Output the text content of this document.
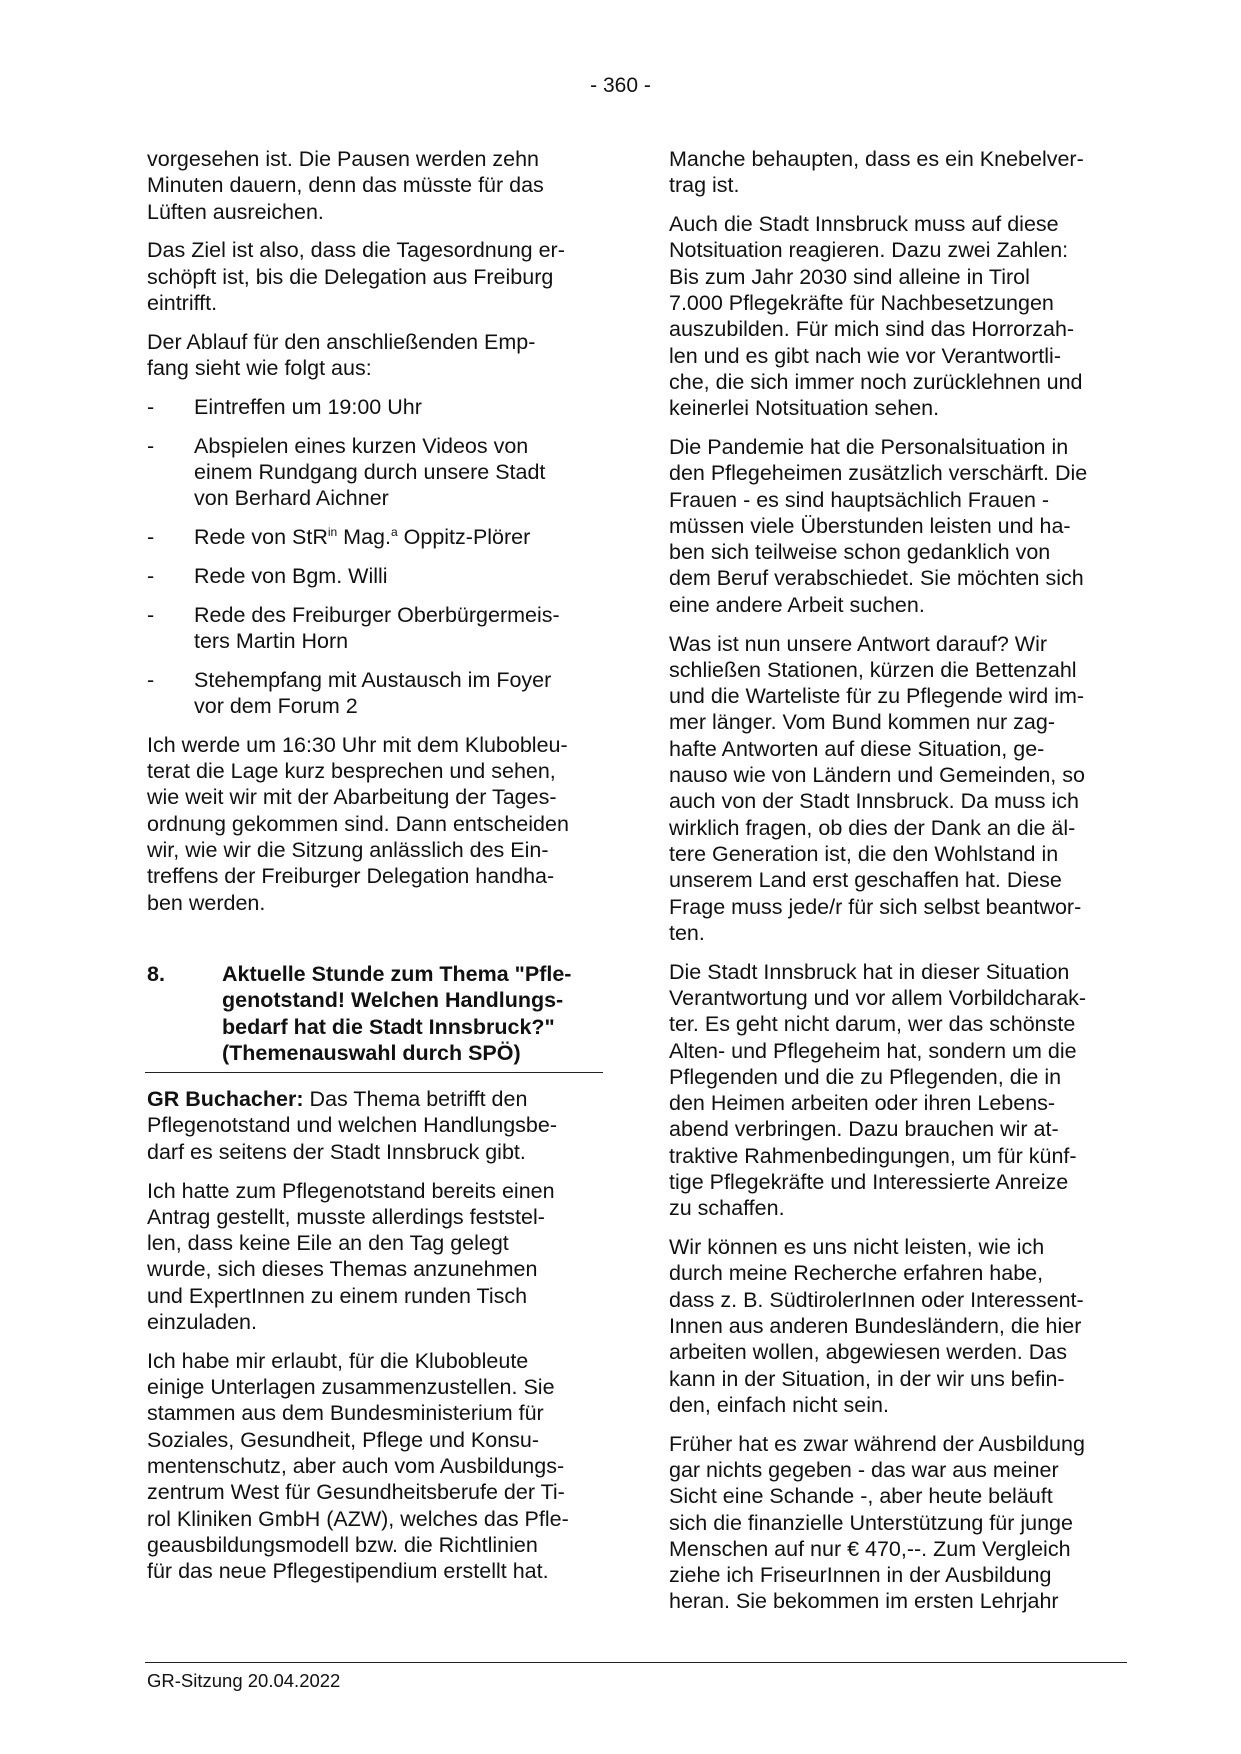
- 360 -

vorgesehen ist. Die Pausen werden zehn
Minuten dauern, denn das müsste für das
Lüften ausreichen.

Das Ziel ist also, dass die Tagesordnung er-
schöpft ist, bis die Delegation aus Freiburg
eintrifft.

Der Ablauf für den anschließenden Emp-
fang sieht wie folgt aus:

- Eintreffen um 19:00 Uhr
- Abspielen eines kurzen Videos von
einem Rundgang durch unsere Stadt
von Berhard Aichner
- Rede von StR$^{in}$ Mag.$^a$ Oppitz-Plörer
- Rede von Bgm. Willi
- Rede des Freiburger Oberbürgermeis-
ters Martin Horn
- Stehempfang mit Austausch im Foyer
vor dem Forum 2

Ich werde um 16:30 Uhr mit dem Klubobleu-
terat die Lage kurz besprechen und sehen,
wie weit wir mit der Abarbeitung der Tages-
ordnung gekommen sind. Dann entscheiden
wir, wie wir die Sitzung anlässlich des Ein-
treffens der Freiburger Delegation handha-
ben werden.

8.	Aktuelle Stunde zum Thema "Pfle-
genotstand! Welchen Handlungs-
bedarf hat die Stadt Innsbruck?"
(Themenauswahl durch SPÖ)

GR Buchacher: Das Thema betrifft den
Pflegenotstand und welchen Handlungsbe-
darf es seitens der Stadt Innsbruck gibt.

Ich hatte zum Pflegenotstand bereits einen
Antrag gestellt, musste allerdings feststel-
len, dass keine Eile an den Tag gelegt
wurde, sich dieses Themas anzunehmen
und ExpertInnen zu einem runden Tisch
einzuladen.

Ich habe mir erlaubt, für die Klubobleute
einige Unterlagen zusammenzustellen. Sie
stammen aus dem Bundesministerium für
Soziales, Gesundheit, Pflege und Konsu-
mentenschutz, aber auch vom Ausbildungs-
zentrum West für Gesundheitsberufe der Ti-
rol Kliniken GmbH (AZW), welches das Pfle-
geausbildungsmodell bzw. die Richtlinien
für das neue Pflegestipendium erstellt hat.

Manche behaupten, dass es ein Knebelver-
trag ist.

Auch die Stadt Innsbruck muss auf diese
Notsituation reagieren. Dazu zwei Zahlen:
Bis zum Jahr 2030 sind alleine in Tirol
7.000 Pflegekräfte für Nachbesetzungen
auszubilden. Für mich sind das Horrorzah-
len und es gibt nach wie vor Verantwortli-
che, die sich immer noch zurücklehnen und
keinerlei Notsituation sehen.

Die Pandemie hat die Personalsituation in
den Pflegeheimen zusätzlich verschärft. Die
Frauen - es sind hauptsächlich Frauen -
müssen viele Überstunden leisten und ha-
ben sich teilweise schon gedanklich von
dem Beruf verabschiedet. Sie möchten sich
eine andere Arbeit suchen.

Was ist nun unsere Antwort darauf? Wir
schließen Stationen, kürzen die Bettenzahl
und die Warteliste für zu Pflegende wird im-
mer länger. Vom Bund kommen nur zag-
hafte Antworten auf diese Situation, ge-
nauso wie von Ländern und Gemeinden, so
auch von der Stadt Innsbruck. Da muss ich
wirklich fragen, ob dies der Dank an die äl-
tere Generation ist, die den Wohlstand in
unserem Land erst geschaffen hat. Diese
Frage muss jede/r für sich selbst beantwor-
ten.

Die Stadt Innsbruck hat in dieser Situation
Verantwortung und vor allem Vorbildcharak-
ter. Es geht nicht darum, wer das schönste
Alten- und Pflegeheim hat, sondern um die
Pflegenden und die zu Pflegenden, die in
den Heimen arbeiten oder ihren Lebens-
abend verbringen. Dazu brauchen wir at-
traktive Rahmenbedingungen, um für künf-
tige Pflegekräfte und Interessierte Anreize
zu schaffen.

Wir können es uns nicht leisten, wie ich
durch meine Recherche erfahren habe,
dass z. B. SüdtirolerInnen oder Interessent-
Innen aus anderen Bundesländern, die hier
arbeiten wollen, abgewiesen werden. Das
kann in der Situation, in der wir uns befin-
den, einfach nicht sein.

Früher hat es zwar während der Ausbildung
gar nichts gegeben - das war aus meiner
Sicht eine Schande -, aber heute beläuft
sich die finanzielle Unterstützung für junge
Menschen auf nur € 470,--. Zum Vergleich
ziehe ich FriseurInnen in der Ausbildung
heran. Sie bekommen im ersten Lehrjahr

GR-Sitzung 20.04.2022
